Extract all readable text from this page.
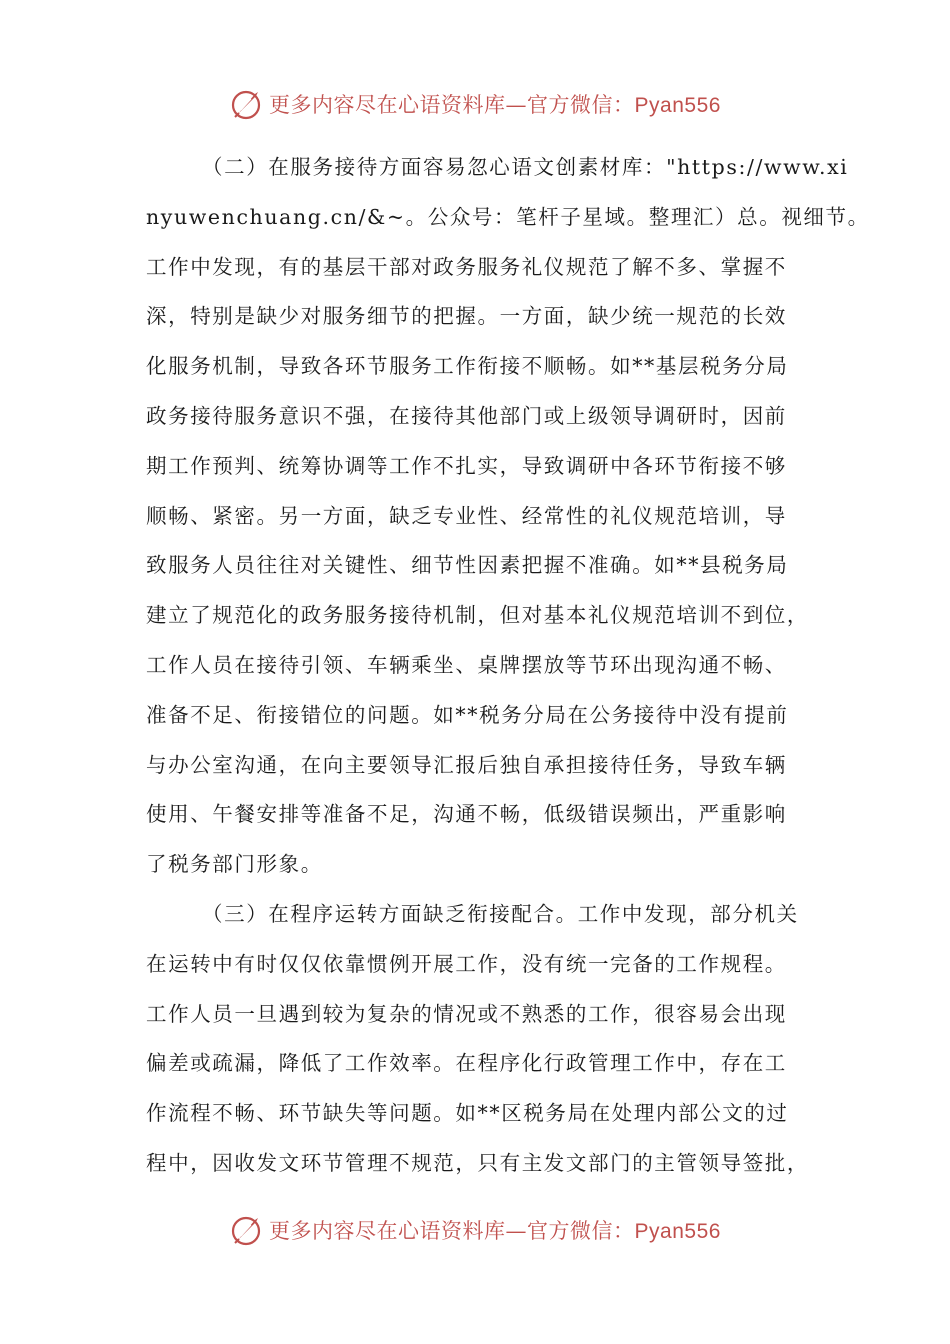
更多内容尽在心语资料库—官方微信：Pyan556
（二）在服务接待方面容易忽心语文创素材库："https://www.xi
nyuwenchuang.cn/&~。公众号：笔杆子星域。整理汇）总。视细节。
工作中发现，有的基层干部对政务服务礼仪规范了解不多、掌握不
深，特别是缺少对服务细节的把握。一方面，缺少统一规范的长效
化服务机制，导致各环节服务工作衔接不顺畅。如**基层税务分局
政务接待服务意识不强，在接待其他部门或上级领导调研时，因前
期工作预判、统筹协调等工作不扎实，导致调研中各环节衔接不够
顺畅、紧密。另一方面，缺乏专业性、经常性的礼仪规范培训，导
致服务人员往往对关键性、细节性因素把握不准确。如**县税务局
建立了规范化的政务服务接待机制，但对基本礼仪规范培训不到位，
工作人员在接待引领、车辆乘坐、桌牌摆放等节环出现沟通不畅、
准备不足、衔接错位的问题。如**税务分局在公务接待中没有提前
与办公室沟通，在向主要领导汇报后独自承担接待任务，导致车辆
使用、午餐安排等准备不足，沟通不畅，低级错误频出，严重影响
了税务部门形象。
（三）在程序运转方面缺乏衔接配合。工作中发现，部分机关
在运转中有时仅仅依靠惯例开展工作，没有统一完备的工作规程。
工作人员一旦遇到较为复杂的情况或不熟悉的工作，很容易会出现
偏差或疏漏，降低了工作效率。在程序化行政管理工作中，存在工
作流程不畅、环节缺失等问题。如**区税务局在处理内部公文的过
程中，因收发文环节管理不规范，只有主发文部门的主管领导签批，
更多内容尽在心语资料库—官方微信：Pyan556
